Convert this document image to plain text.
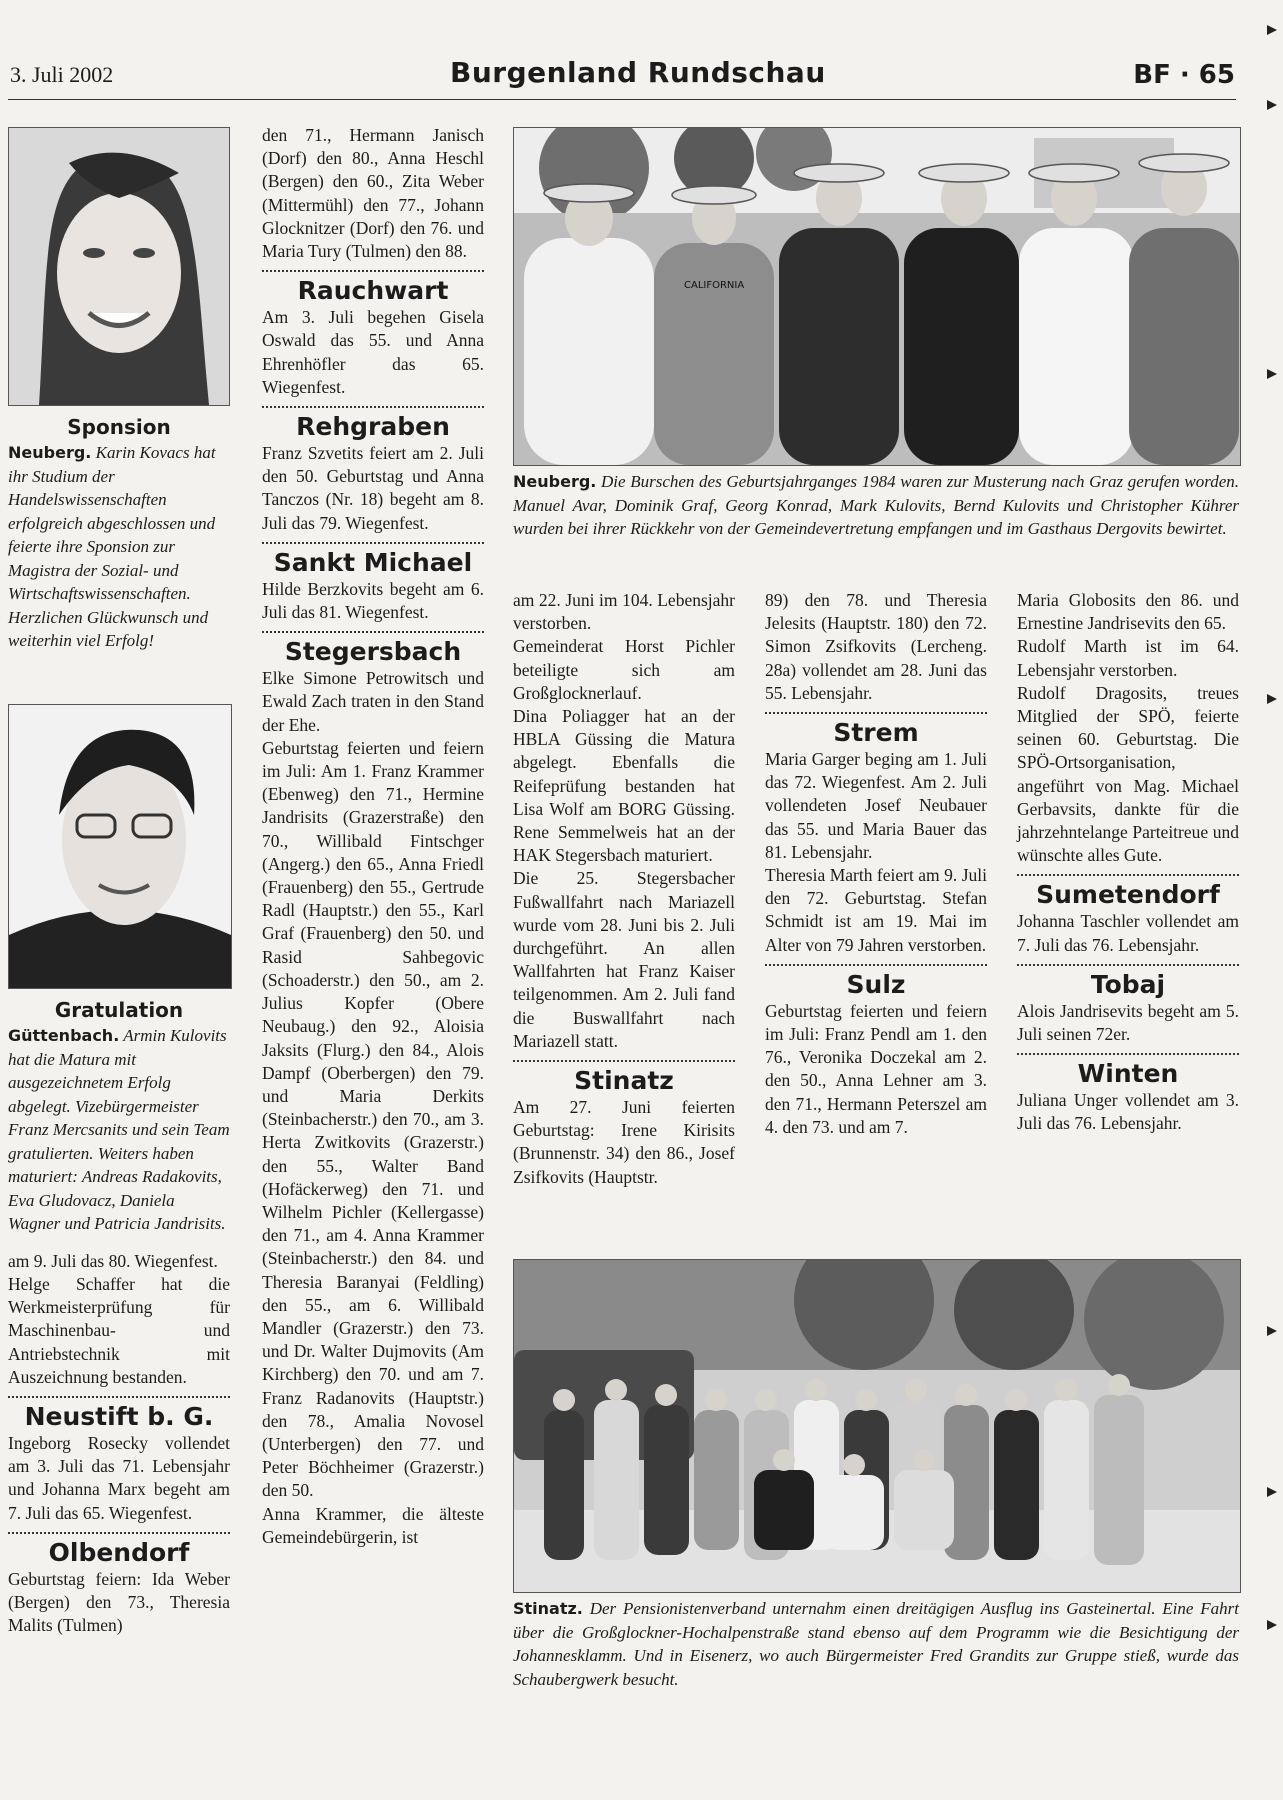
3. Juli 2002	Burgenland Rundschau	BF · 65
Sponsion

Neuberg. Karin Kovacs hat ihr Studium der Handelswissenschaften erfolgreich abgeschlossen und feierte ihre Sponsion zur Magistra der Sozial- und Wirtschaftswissenschaften. Herzlichen Glückwunsch und weiterhin viel Erfolg!

Gratulation

Güttenbach. Armin Kulovits hat die Matura mit ausgezeichnetem Erfolg abgelegt. Vizebürgermeister Franz Mercsanits und sein Team gratulierten. Weiters haben maturiert: Andreas Radakovits, Eva Gludovacz, Daniela Wagner und Patricia Jandrisits.

am 9. Juli das 80. Wiegenfest.

Helge Schaffer hat die Werkmeisterprüfung für Maschinenbau- und Antriebstechnik mit Auszeichnung bestanden.

Neustift b. G.

Ingeborg Rosecky vollendet am 3. Juli das 71. Lebensjahr und Johanna Marx begeht am 7. Juli das 65. Wiegenfest.

Olbendorf

Geburtstag feiern: Ida Weber (Bergen) den 73., Theresia Malits (Tulmen)

den 71., Hermann Janisch (Dorf) den 80., Anna Heschl (Bergen) den 60., Zita Weber (Mittermühl) den 77., Johann Glocknitzer (Dorf) den 76. und Maria Tury (Tulmen) den 88.

Rauchwart

Am 3. Juli begehen Gisela Oswald das 55. und Anna Ehrenhöfler das 65. Wiegenfest.

Rehgraben

Franz Szvetits feiert am 2. Juli den 50. Geburtstag und Anna Tanczos (Nr. 18) begeht am 8. Juli das 79. Wiegenfest.

Sankt Michael

Hilde Berzkovits begeht am 6. Juli das 81. Wiegenfest.

Stegersbach

Elke Simone Petrowitsch und Ewald Zach traten in den Stand der Ehe.

Geburtstag feierten und feiern im Juli: Am 1. Franz Krammer (Ebenweg) den 71., Hermine Jandrisits (Grazerstraße) den 70., Willibald Fintschger (Angerg.) den 65., Anna Friedl (Frauenberg) den 55., Gertrude Radl (Hauptstr.) den 55., Karl Graf (Frauenberg) den 50. und Rasid Sahbegovic (Schoaderstr.) den 50., am 2. Julius Kopfer (Obere Neubaug.) den 92., Aloisia Jaksits (Flurg.) den 84., Alois Dampf (Oberbergen) den 79. und Maria Derkits (Steinbacherstr.) den 70., am 3. Herta Zwitkovits (Grazerstr.) den 55., Walter Band (Hofäckerweg) den 71. und Wilhelm Pichler (Kellergasse) den 71., am 4. Anna Krammer (Steinbacherstr.) den 84. und Theresia Baranyai (Feldling) den 55., am 6. Willibald Mandler (Grazerstr.) den 73. und Dr. Walter Dujmovits (Am Kirchberg) den 70. und am 7. Franz Radanovits (Hauptstr.) den 78., Amalia Novosel (Unterbergen) den 77. und Peter Böchheimer (Grazerstr.) den 50.

Anna Krammer, die älteste Gemeindebürgerin, ist

CALIFORNIA

Neuberg. Die Burschen des Geburtsjahrganges 1984 waren zur Musterung nach Graz gerufen worden. Manuel Avar, Dominik Graf, Georg Konrad, Mark Kulovits, Bernd Kulovits und Christopher Kührer wurden bei ihrer Rückkehr von der Gemeindevertretung empfangen und im Gasthaus Dergovits bewirtet.

am 22. Juni im 104. Lebensjahr verstorben.

Gemeinderat Horst Pichler beteiligte sich am Großglocknerlauf.

Dina Poliagger hat an der HBLA Güssing die Matura abgelegt. Ebenfalls die Reifeprüfung bestanden hat Lisa Wolf am BORG Güssing. Rene Semmelweis hat an der HAK Stegersbach maturiert.

Die 25. Stegersbacher Fußwallfahrt nach Mariazell wurde vom 28. Juni bis 2. Juli durchgeführt. An allen Wallfahrten hat Franz Kaiser teilgenommen. Am 2. Juli fand die Buswallfahrt nach Mariazell statt.

Stinatz

Am 27. Juni feierten Geburtstag: Irene Kirisits (Brunnenstr. 34) den 86., Josef Zsifkovits (Hauptstr.

89) den 78. und Theresia Jelesits (Hauptstr. 180) den 72. Simon Zsifkovits (Lercheng. 28a) vollendet am 28. Juni das 55. Lebensjahr.

Strem

Maria Garger beging am 1. Juli das 72. Wiegenfest. Am 2. Juli vollendeten Josef Neubauer das 55. und Maria Bauer das 81. Lebensjahr.

Theresia Marth feiert am 9. Juli den 72. Geburtstag. Stefan Schmidt ist am 19. Mai im Alter von 79 Jahren verstorben.

Sulz

Geburtstag feierten und feiern im Juli: Franz Pendl am 1. den 76., Veronika Doczekal am 2. den 50., Anna Lehner am 3. den 71., Hermann Peterszel am 4. den 73. und am 7.

Maria Globosits den 86. und Ernestine Jandrisevits den 65.

Rudolf Marth ist im 64. Lebensjahr verstorben.

Rudolf Dragosits, treues Mitglied der SPÖ, feierte seinen 60. Geburtstag. Die SPÖ-Ortsorganisation, angeführt von Mag. Michael Gerbavsits, dankte für die jahrzehntelange Parteitreue und wünschte alles Gute.

Sumetendorf

Johanna Taschler vollendet am 7. Juli das 76. Lebensjahr.

Tobaj

Alois Jandrisevits begeht am 5. Juli seinen 72er.

Winten

Juliana Unger vollendet am 3. Juli das 76. Lebensjahr.

Stinatz. Der Pensionistenverband unternahm einen dreitägigen Ausflug ins Gasteinertal. Eine Fahrt über die Großglockner-Hochalpenstraße stand ebenso auf dem Programm wie die Besichtigung der Johannesklamm. Und in Eisenerz, wo auch Bürgermeister Fred Grandits zur Gruppe stieß, wurde das Schaubergwerk besucht.
